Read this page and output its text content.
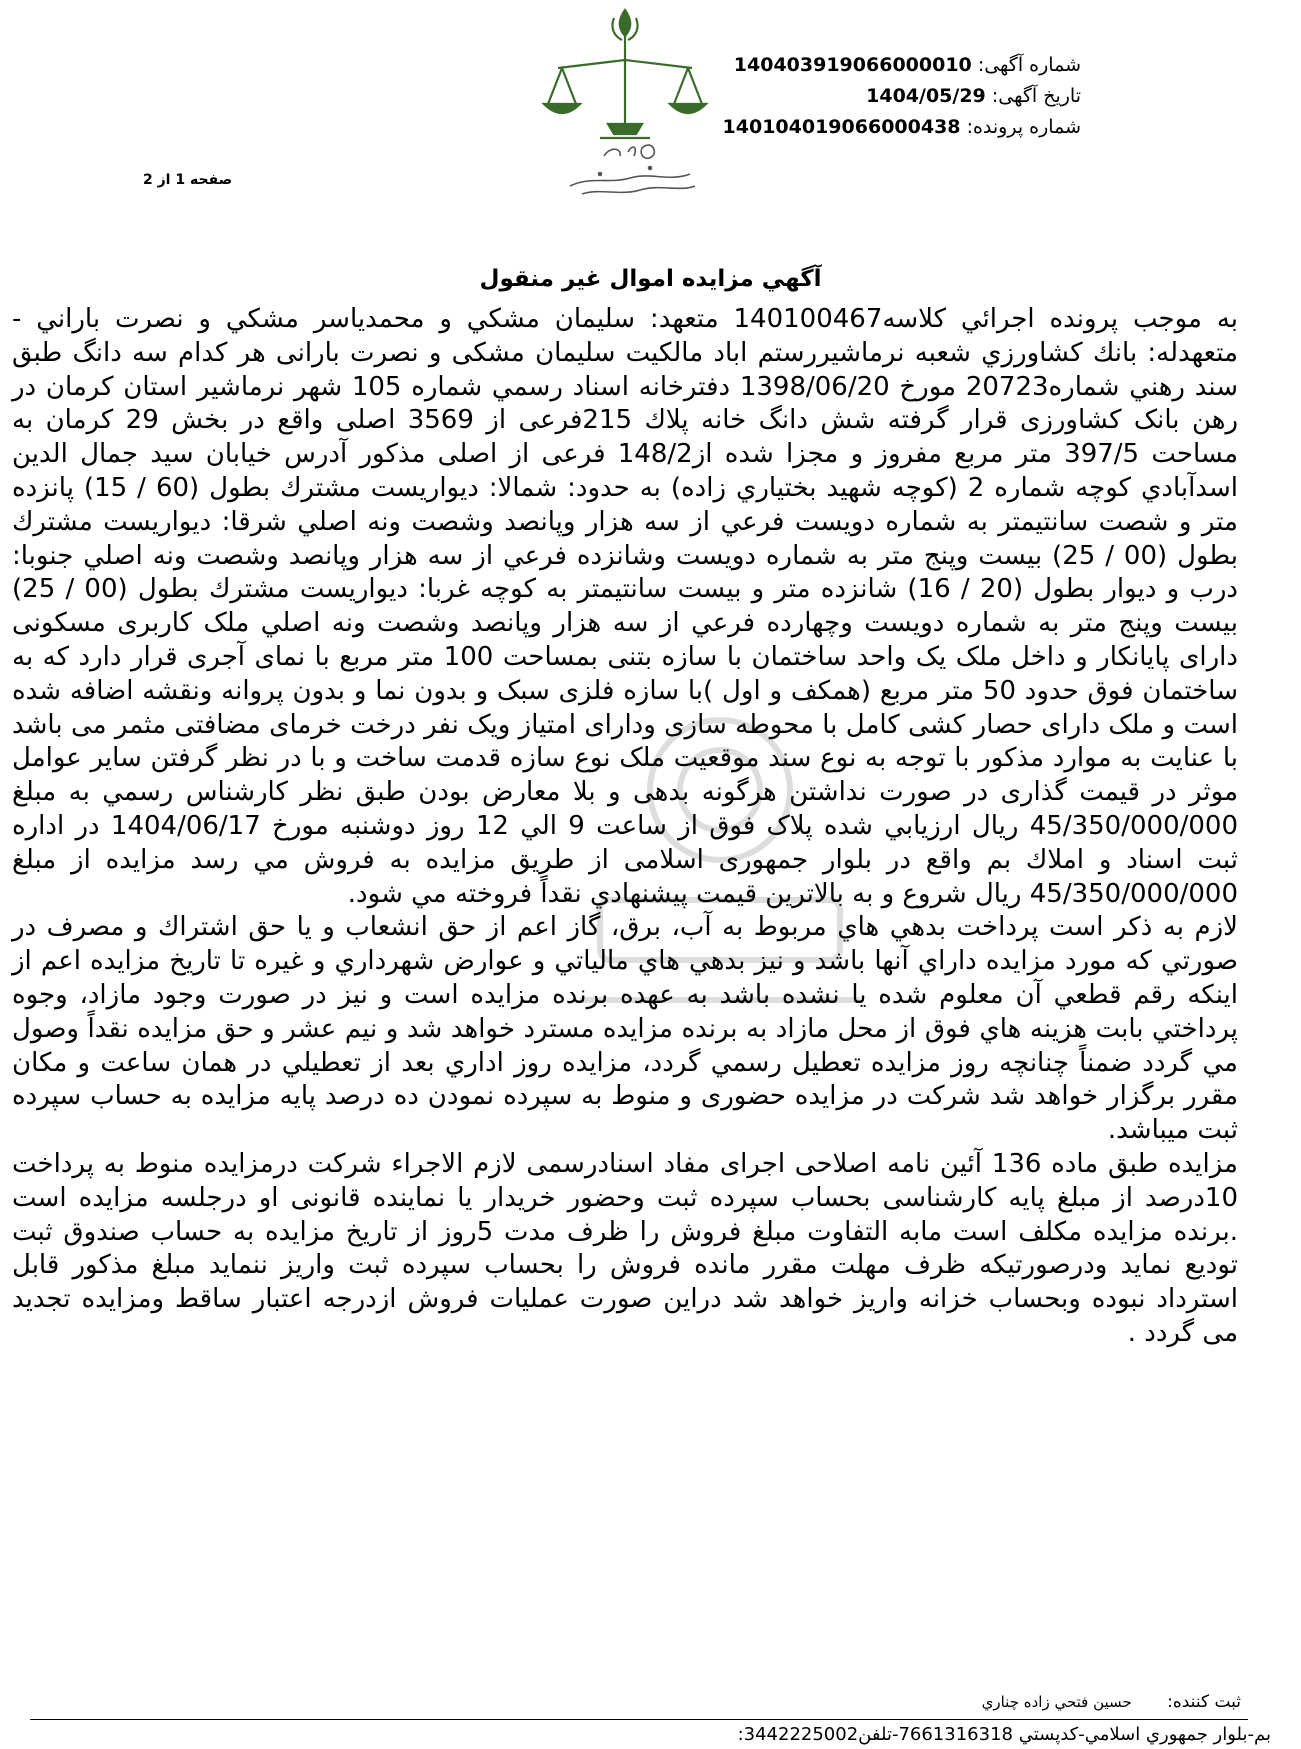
شماره آگهی: 140403919066000010
تاریخ آگهی: 1404/05/29
شماره پرونده: 140104019066000438
صفحه 1 از 2
آگهي مزايده اموال غير منقول

به موجب پرونده اجرائي كلاسه140100467 متعهد: سليمان مشكي و محمدياسر مشكي و نصرت باراني - متعهدله: بانك كشاورزي شعبه نرماشيررستم اباد مالكيت سليمان مشكی و نصرت بارانی هر كدام سه دانگ طبق سند رهني شماره20723 مورخ 1398/06/20 دفترخانه اسناد رسمي شماره 105 شهر نرماشير استان كرمان در رهن بانک کشاورزی قرار گرفته شش دانگ خانه پلاك 215فرعی از 3569 اصلی واقع در بخش 29 كرمان به مساحت 397/5 متر مربع مفروز و مجزا شده از148/2 فرعی از اصلی مذكور آدرس خيابان سيد جمال الدين اسدآبادي كوچه شماره 2 (كوچه شهيد بختياري زاده) به حدود: شمالا: ديواريست مشترك بطول (60 / 15) پانزده متر و شصت سانتيمتر به شماره دويست فرعي از سه هزار وپانصد وشصت ونه اصلي شرقا: ديواريست مشترك بطول (00 / 25) بيست وپنج متر به شماره دويست وشانزده فرعي از سه هزار وپانصد وشصت ونه اصلي جنوبا: درب و ديوار بطول (20 / 16) شانزده متر و بيست سانتيمتر به كوچه غربا: ديواريست مشترك بطول (00 / 25) بيست وپنج متر به شماره دويست وچهارده فرعي از سه هزار وپانصد وشصت ونه اصلي ملک کاربری مسکونی دارای پایانکار و داخل ملک یک واحد ساختمان با سازه بتنی بمساحت 100 متر مربع با نمای آجری قرار دارد که به ساختمان فوق حدود 50 متر مربع (همکف و اول )با سازه فلزی سبک و بدون نما و بدون پروانه ونقشه اضافه شده است و ملک دارای حصار کشی کامل با محوطه سازی ودارای امتیاز ویک نفر درخت خرمای مضافتی مثمر می باشد با عنایت به موارد مذکور با توجه به نوع سند موقعیت ملک نوع سازه قدمت ساخت و با در نظر گرفتن سایر عوامل موثر در قيمت گذاری در صورت نداشتن هرگونه بدهی و بلا معارض بودن طبق نظر كارشناس رسمي به مبلغ 45/350/000/000 ريال ارزيابي شده پلاک فوق از ساعت 9 الي 12 روز دوشنبه مورخ 1404/06/17 در اداره ثبت اسناد و املاك بم واقع در بلوار جمهوری اسلامی از طريق مزايده به فروش مي رسد مزايده از مبلغ 45/350/000/000 ريال شروع و به بالاترين قيمت پيشنهادي نقداً فروخته مي شود.

لازم به ذكر است پرداخت بدهي هاي مربوط به آب، برق، گاز اعم از حق انشعاب و يا حق اشتراك و مصرف در صورتي كه مورد مزايده داراي آنها باشد و نيز بدهي هاي مالياتي و عوارض شهرداري و غيره تا تاريخ مزايده اعم از اينكه رقم قطعي آن معلوم شده يا نشده باشد به عهده برنده مزايده است و نيز در صورت وجود مازاد، وجوه پرداختي بابت هزينه هاي فوق از محل مازاد به برنده مزايده مسترد خواهد شد و نيم عشر و حق مزايده نقداً وصول مي گردد ضمناً چنانچه روز مزايده تعطيل رسمي گردد، مزايده روز اداري بعد از تعطيلي در همان ساعت و مكان مقرر برگزار خواهد شد شرکت در مزایده حضوری و منوط به سپرده نمودن ده درصد پایه مزایده به حساب سپرده ثبت میباشد.

مزايده طبق ماده 136 آئین نامه اصلاحی اجرای مفاد اسنادرسمی لازم الاجراء شرکت درمزایده منوط به پرداخت 10درصد از مبلغ پایه کارشناسی بحساب سپرده ثبت وحضور خریدار یا نماینده قانونی او درجلسه مزایده است .برنده مزایده مکلف است مابه التفاوت مبلغ فروش را ظرف مدت 5روز از تاریخ مزایده به حساب صندوق ثبت تودیع نماید ودرصورتیکه ظرف مهلت مقرر مانده فروش را بحساب سپرده ثبت واریز ننماید مبلغ مذکور قابل استرداد نبوده وبحساب خزانه واریز خواهد شد دراین صورت عملیات فروش ازدرجه اعتبار ساقط ومزایده تجدید می گردد .

ثبت کننده: حسين فتحي زاده چناري
بم-بلوار جمهوري اسلامي-کدپستي 7661316318-تلفن3442225002:
